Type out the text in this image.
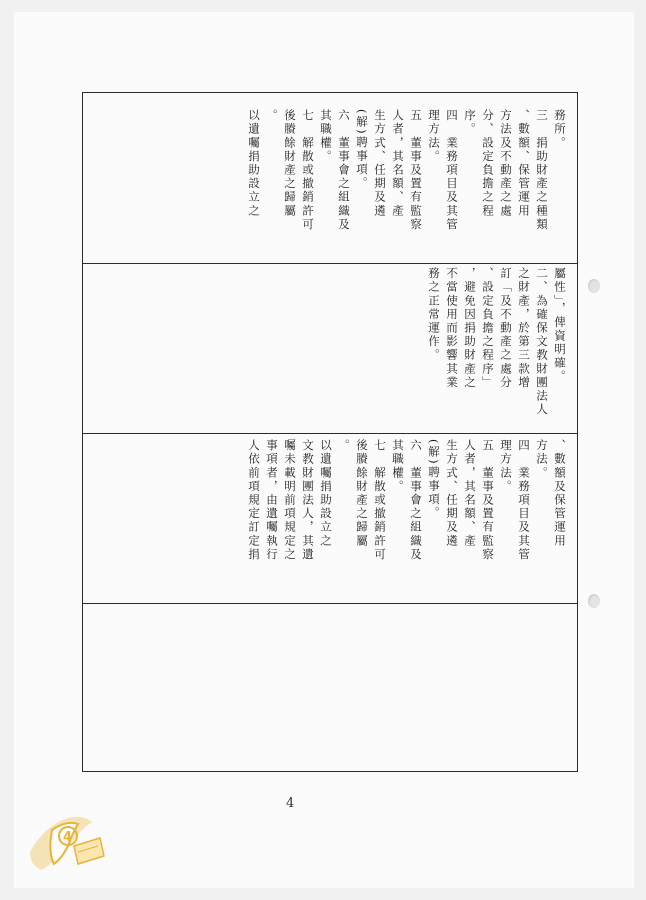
務所。
三　捐助財產之種類
、數額、保管運用
方法及不動產之處
分、設定負擔之程
序。
四　業務項目及其管
理方法。
五　董事及置有監察
人者，其名額、產
生方式、任期及遴
(解)聘事項。
六　董事會之組織及
其職權。
七　解散或撤銷許可
後賸餘財產之歸屬
。
以遺囑捐助設立之
屬性」，俾資明確。
二、為確保文教財團法人
之財產，於第三款增
訂「及不動產之處分
、設定負擔之程序」
，避免因捐助財產之
不當使用而影響其業
務之正常運作。
、數額及保管運用
方法。
四　業務項目及其管
理方法。
五　董事及置有監察
人者，其名額、產
生方式、任期及遴
(解)聘事項。
六　董事會之組織及
其職權。
七　解散或撤銷許可
後賸餘財產之歸屬
。
以遺囑捐助設立之
文教財團法人，其遺
囑未載明前項規定之
事項者，由遺囑執行
人依前項規定訂定捐
4
4
